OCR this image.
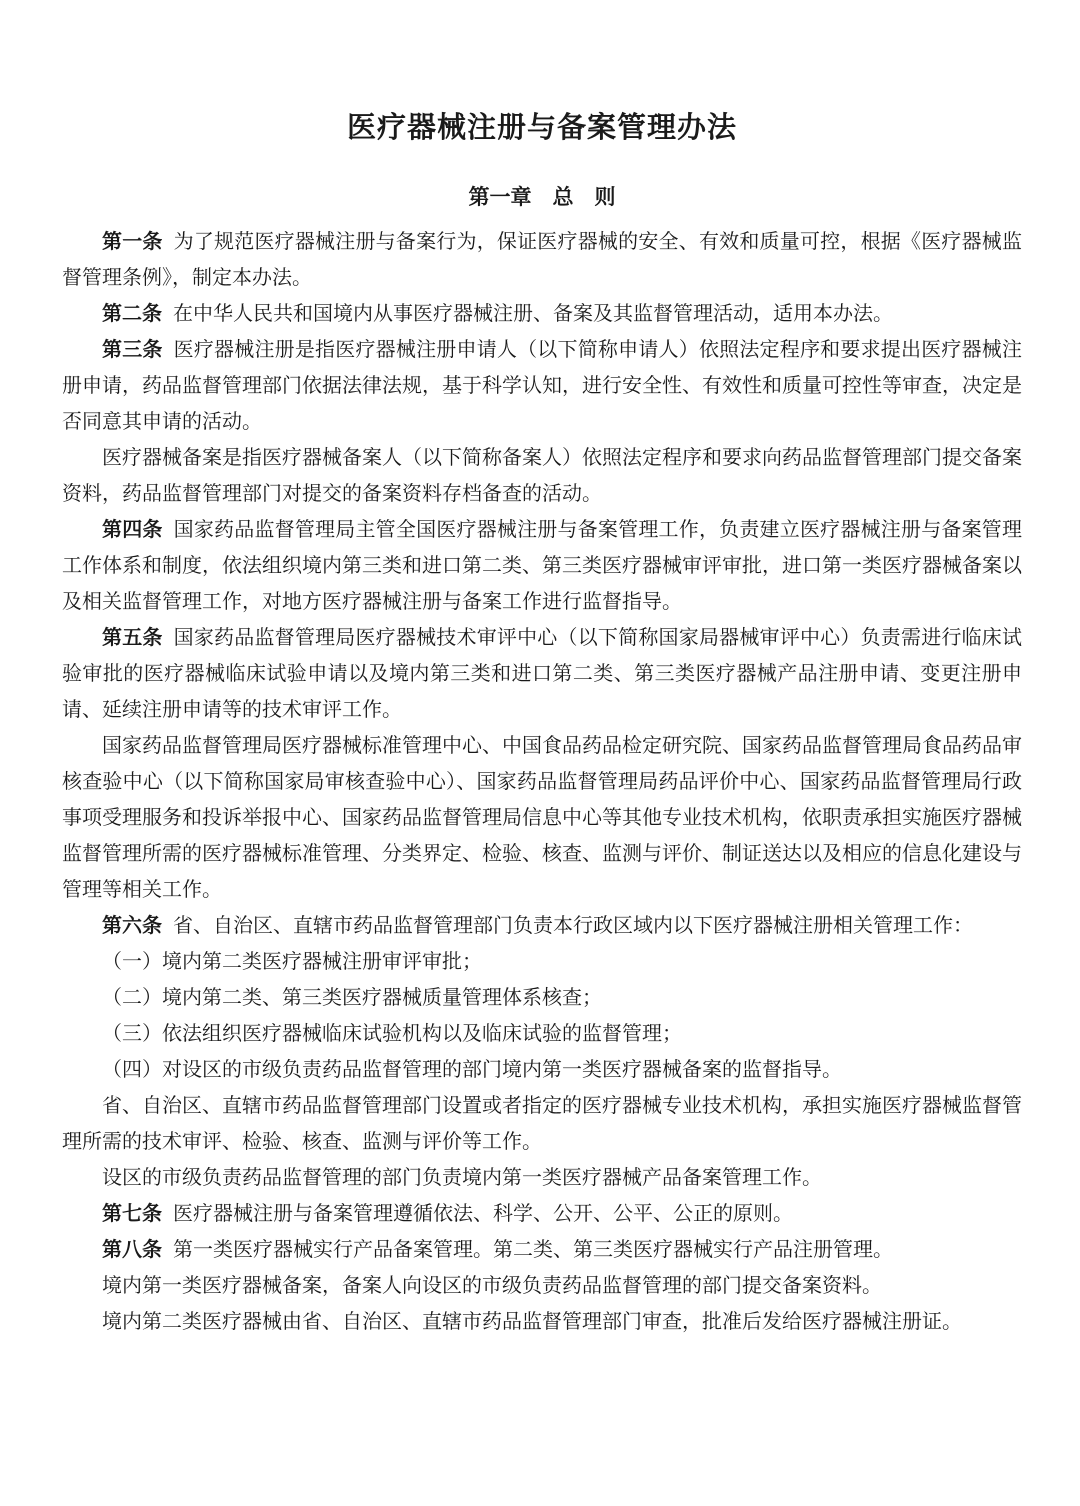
医疗器械注册与备案管理办法
第一章　总　则

第一条 为了规范医疗器械注册与备案行为，保证医疗器械的安全、有效和质量可控，根据《医疗器械监督管理条例》，制定本办法。

第二条 在中华人民共和国境内从事医疗器械注册、备案及其监督管理活动，适用本办法。

第三条 医疗器械注册是指医疗器械注册申请人（以下简称申请人）依照法定程序和要求提出医疗器械注册申请，药品监督管理部门依据法律法规，基于科学认知，进行安全性、有效性和质量可控性等审查，决定是否同意其申请的活动。

医疗器械备案是指医疗器械备案人（以下简称备案人）依照法定程序和要求向药品监督管理部门提交备案资料，药品监督管理部门对提交的备案资料存档备查的活动。

第四条 国家药品监督管理局主管全国医疗器械注册与备案管理工作，负责建立医疗器械注册与备案管理工作体系和制度，依法组织境内第三类和进口第二类、第三类医疗器械审评审批，进口第一类医疗器械备案以及相关监督管理工作，对地方医疗器械注册与备案工作进行监督指导。

第五条 国家药品监督管理局医疗器械技术审评中心（以下简称国家局器械审评中心）负责需进行临床试验审批的医疗器械临床试验申请以及境内第三类和进口第二类、第三类医疗器械产品注册申请、变更注册申请、延续注册申请等的技术审评工作。

国家药品监督管理局医疗器械标准管理中心、中国食品药品检定研究院、国家药品监督管理局食品药品审核查验中心（以下简称国家局审核查验中心）、国家药品监督管理局药品评价中心、国家药品监督管理局行政事项受理服务和投诉举报中心、国家药品监督管理局信息中心等其他专业技术机构，依职责承担实施医疗器械监督管理所需的医疗器械标准管理、分类界定、检验、核查、监测与评价、制证送达以及相应的信息化建设与管理等相关工作。

第六条 省、自治区、直辖市药品监督管理部门负责本行政区域内以下医疗器械注册相关管理工作：

（一）境内第二类医疗器械注册审评审批；

（二）境内第二类、第三类医疗器械质量管理体系核查；

（三）依法组织医疗器械临床试验机构以及临床试验的监督管理；

（四）对设区的市级负责药品监督管理的部门境内第一类医疗器械备案的监督指导。

省、自治区、直辖市药品监督管理部门设置或者指定的医疗器械专业技术机构，承担实施医疗器械监督管理所需的技术审评、检验、核查、监测与评价等工作。

设区的市级负责药品监督管理的部门负责境内第一类医疗器械产品备案管理工作。

第七条 医疗器械注册与备案管理遵循依法、科学、公开、公平、公正的原则。

第八条 第一类医疗器械实行产品备案管理。第二类、第三类医疗器械实行产品注册管理。

境内第一类医疗器械备案，备案人向设区的市级负责药品监督管理的部门提交备案资料。

境内第二类医疗器械由省、自治区、直辖市药品监督管理部门审查，批准后发给医疗器械注册证。
